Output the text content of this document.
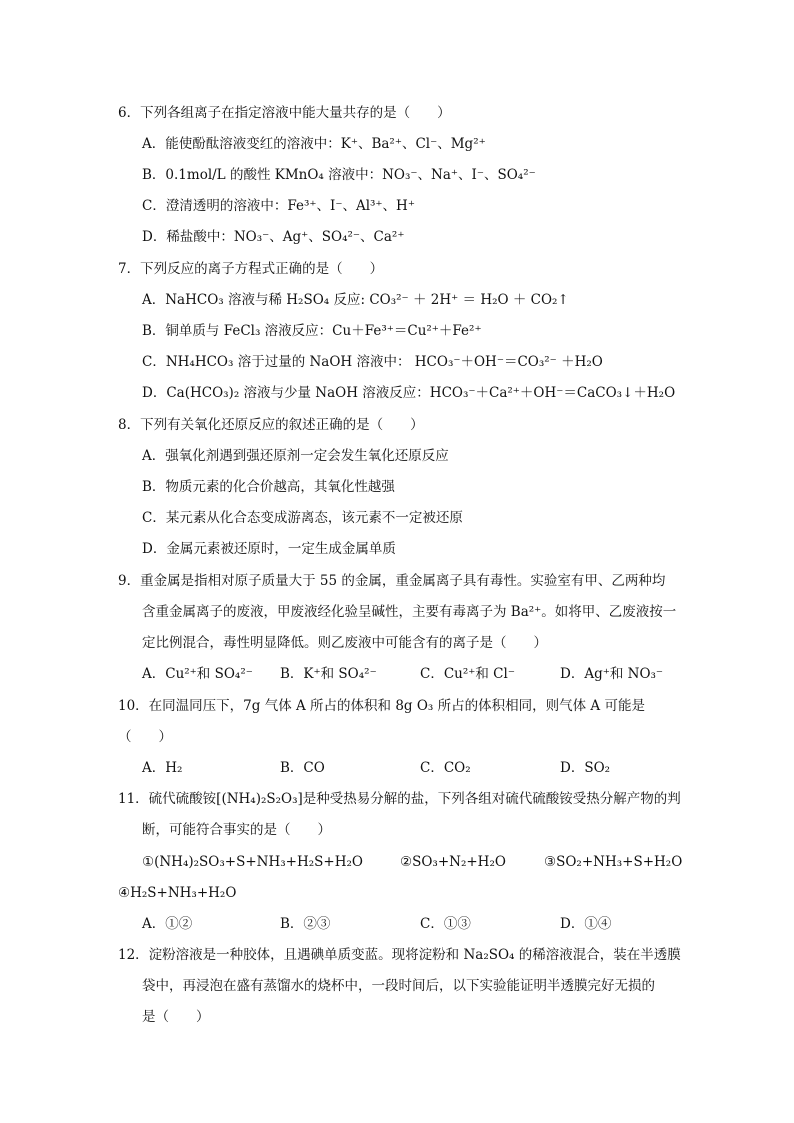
6．下列各组离子在指定溶液中能大量共存的是（　　）
A．能使酚酞溶液变红的溶液中：K⁺、Ba²⁺、Cl⁻、Mg²⁺
B．0.1mol/L 的酸性 KMnO₄ 溶液中：NO₃⁻、Na⁺、I⁻、SO₄²⁻
C．澄清透明的溶液中：Fe³⁺、I⁻、Al³⁺、H⁺
D．稀盐酸中：NO₃⁻、Ag⁺、SO₄²⁻、Ca²⁺
7．下列反应的离子方程式正确的是（　　）
A．NaHCO₃ 溶液与稀 H₂SO₄ 反应: CO₃²⁻ ＋ 2H⁺ ＝ H₂O ＋ CO₂↑
B．铜单质与 FeCl₃ 溶液反应：Cu＋Fe³⁺＝Cu²⁺＋Fe²⁺
C．NH₄HCO₃ 溶于过量的 NaOH 溶液中： HCO₃⁻＋OH⁻＝CO₃²⁻ ＋H₂O
D．Ca(HCO₃)₂ 溶液与少量 NaOH 溶液反应：HCO₃⁻＋Ca²⁺＋OH⁻＝CaCO₃↓＋H₂O
8．下列有关氧化还原反应的叙述正确的是（　　）
A．强氧化剂遇到强还原剂一定会发生氧化还原反应
B．物质元素的化合价越高，其氧化性越强
C．某元素从化合态变成游离态，该元素不一定被还原
D．金属元素被还原时，一定生成金属单质
9．重金属是指相对原子质量大于 55 的金属，重金属离子具有毒性。实验室有甲、乙两种均
含重金属离子的废液，甲废液经化验呈碱性，主要有毒离子为 Ba²⁺。如将甲、乙废液按一
定比例混合，毒性明显降低。则乙废液中可能含有的离子是（　　）
A．Cu²⁺和 SO₄²⁻ B．K⁺和 SO₄²⁻	C．Cu²⁺和 Cl⁻	D．Ag⁺和 NO₃⁻
10．在同温同压下，7g 气体 A 所占的体积和 8g O₃ 所占的体积相同，则气体 A 可能是
（　　）
A．H₂	B．CO	C．CO₂	D．SO₂
11．硫代硫酸铵[(NH₄)₂S₂O₃]是种受热易分解的盐，下列各组对硫代硫酸铵受热分解产物的判
断，可能符合事实的是（　　）
①(NH₄)₂SO₃+S+NH₃+H₂S+H₂O	②SO₃+N₂+H₂O	③SO₂+NH₃+S+H₂O
④H₂S+NH₃+H₂O
A．①②	B．②③	C．①③	D．①④
12．淀粉溶液是一种胶体，且遇碘单质变蓝。现将淀粉和 Na₂SO₄ 的稀溶液混合，装在半透膜
袋中，再浸泡在盛有蒸馏水的烧杯中，一段时间后，以下实验能证明半透膜完好无损的
是（　　）
